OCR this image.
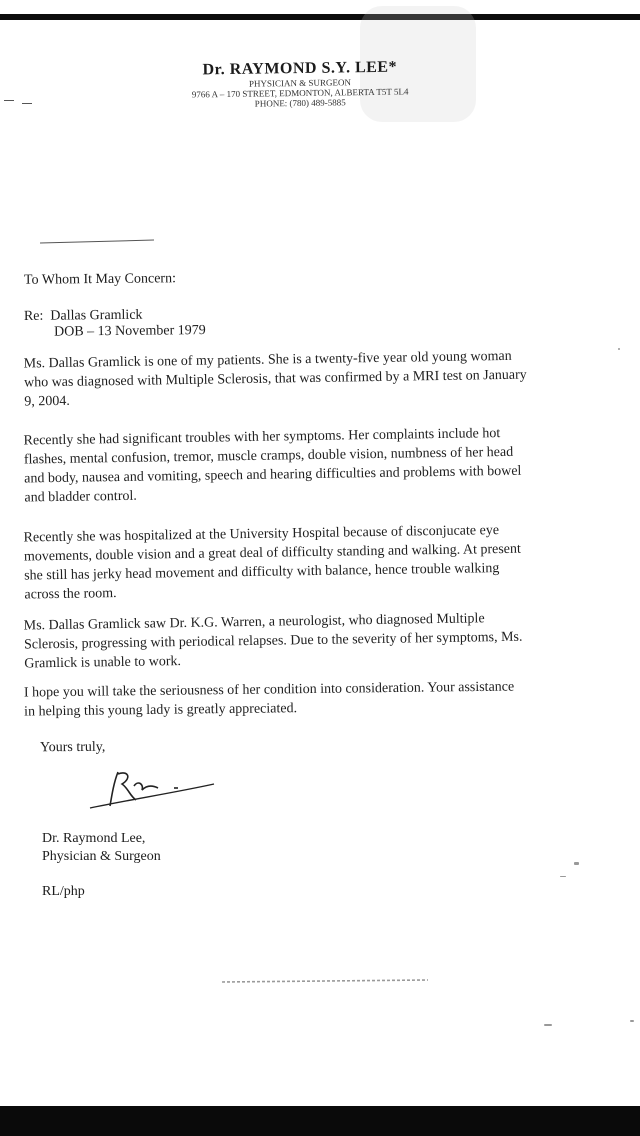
Dr. RAYMOND S.Y. LEE*
PHYSICIAN & SURGEON
9766 A – 170 STREET, EDMONTON, ALBERTA T5T 5L4
PHONE: (780) 489-5885
To Whom It May Concern:
Re: Dallas Gramlick
DOB – 13 November 1979
Ms. Dallas Gramlick is one of my patients. She is a twenty-five year old young woman
who was diagnosed with Multiple Sclerosis, that was confirmed by a MRI test on January
9, 2004.
Recently she had significant troubles with her symptoms. Her complaints include hot
flashes, mental confusion, tremor, muscle cramps, double vision, numbness of her head
and body, nausea and vomiting, speech and hearing difficulties and problems with bowel
and bladder control.
Recently she was hospitalized at the University Hospital because of disconjucate eye
movements, double vision and a great deal of difficulty standing and walking. At present
she still has jerky head movement and difficulty with balance, hence trouble walking
across the room.
Ms. Dallas Gramlick saw Dr. K.G. Warren, a neurologist, who diagnosed Multiple
Sclerosis, progressing with periodical relapses. Due to the severity of her symptoms, Ms.
Gramlick is unable to work.
I hope you will take the seriousness of her condition into consideration. Your assistance
in helping this young lady is greatly appreciated.
Yours truly,
Dr. Raymond Lee,
Physician & Surgeon
RL/php
